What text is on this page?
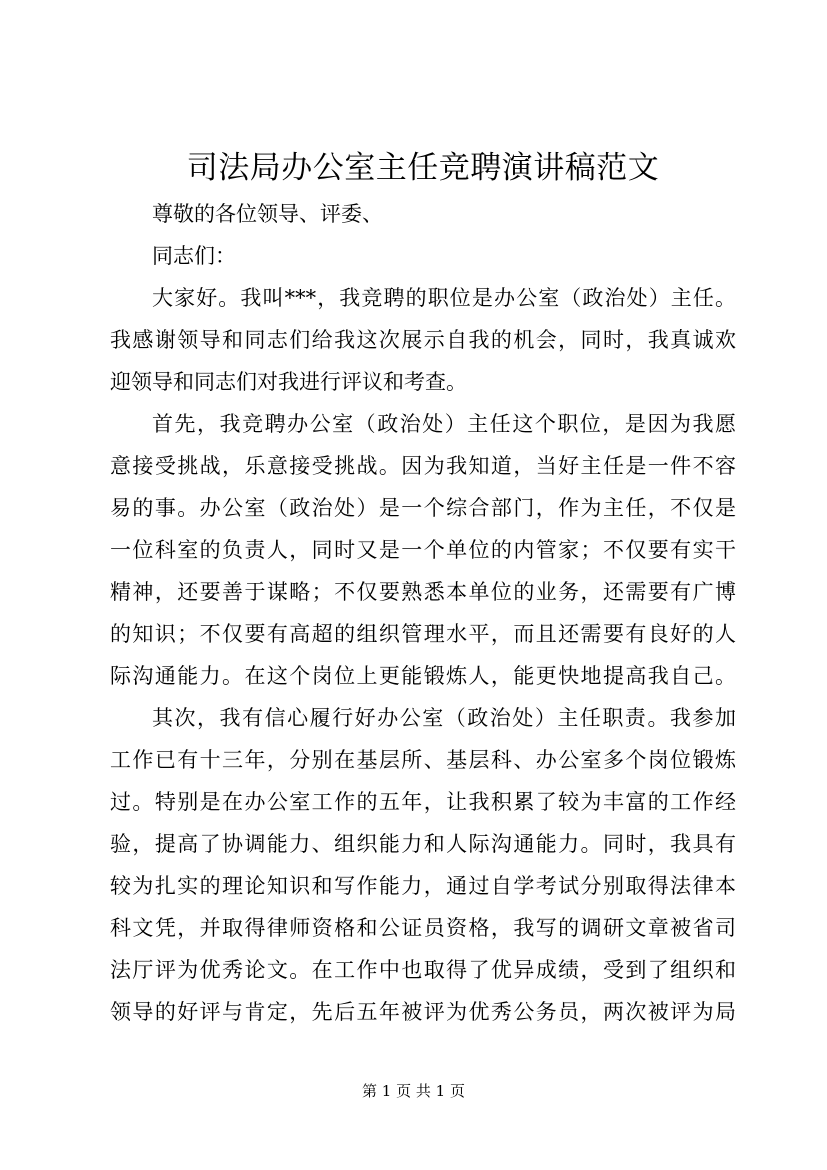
司法局办公室主任竞聘演讲稿范文
尊敬的各位领导、评委、
同志们：
大家好。我叫***，我竞聘的职位是办公室（政治处）主任。
我感谢领导和同志们给我这次展示自我的机会，同时，我真诚欢
迎领导和同志们对我进行评议和考查。
首先，我竞聘办公室（政治处）主任这个职位，是因为我愿
意接受挑战，乐意接受挑战。因为我知道，当好主任是一件不容
易的事。办公室（政治处）是一个综合部门，作为主任，不仅是
一位科室的负责人，同时又是一个单位的内管家；不仅要有实干
精神，还要善于谋略；不仅要熟悉本单位的业务，还需要有广博
的知识；不仅要有高超的组织管理水平，而且还需要有良好的人
际沟通能力。在这个岗位上更能锻炼人，能更快地提高我自己。
其次，我有信心履行好办公室（政治处）主任职责。我参加
工作已有十三年，分别在基层所、基层科、办公室多个岗位锻炼
过。特别是在办公室工作的五年，让我积累了较为丰富的工作经
验，提高了协调能力、组织能力和人际沟通能力。同时，我具有
较为扎实的理论知识和写作能力，通过自学考试分别取得法律本
科文凭，并取得律师资格和公证员资格，我写的调研文章被省司
法厅评为优秀论文。在工作中也取得了优异成绩，受到了组织和
领导的好评与肯定，先后五年被评为优秀公务员，两次被评为局
第 1 页 共 1 页
